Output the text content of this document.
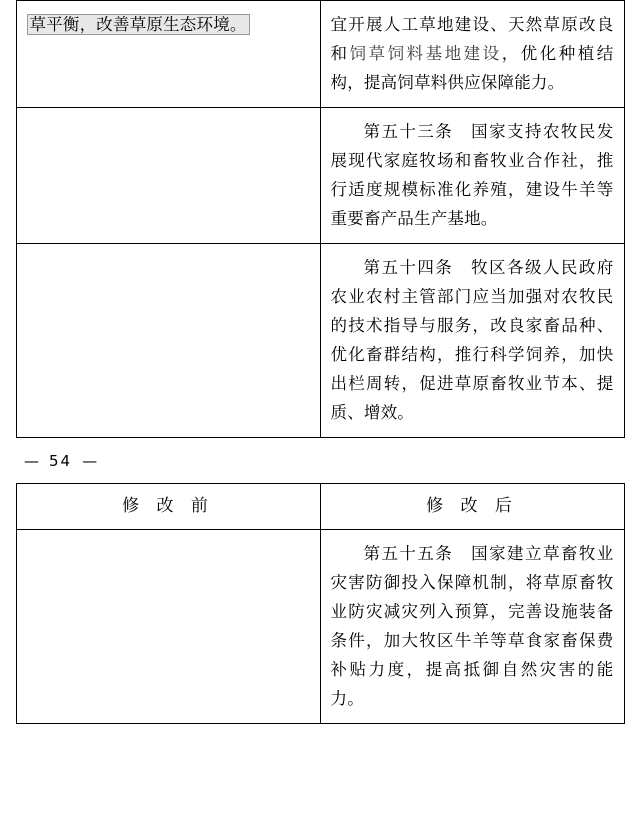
草平衡，改善草原生态环境。	宜开展人工草地建设、天然草原改良和饲草饲料基地建设，优化种植结构，提高饲草料供应保障能力。

	第五十三条　国家支持农牧民发展现代家庭牧场和畜牧业合作社，推行适度规模标准化养殖，建设牛羊等重要畜产品生产基地。

	第五十四条　牧区各级人民政府农业农村主管部门应当加强对农牧民的技术指导与服务，改良家畜品种、优化畜群结构，推行科学饲养，加快出栏周转，促进草原畜牧业节本、提质、增效。
— 54 —
修 改 前	修 改 后

	第五十五条　国家建立草畜牧业灾害防御投入保障机制，将草原畜牧业防灾减灾列入预算，完善设施装备条件，加大牧区牛羊等草食家畜保费补贴力度，提高抵御自然灾害的能力。
